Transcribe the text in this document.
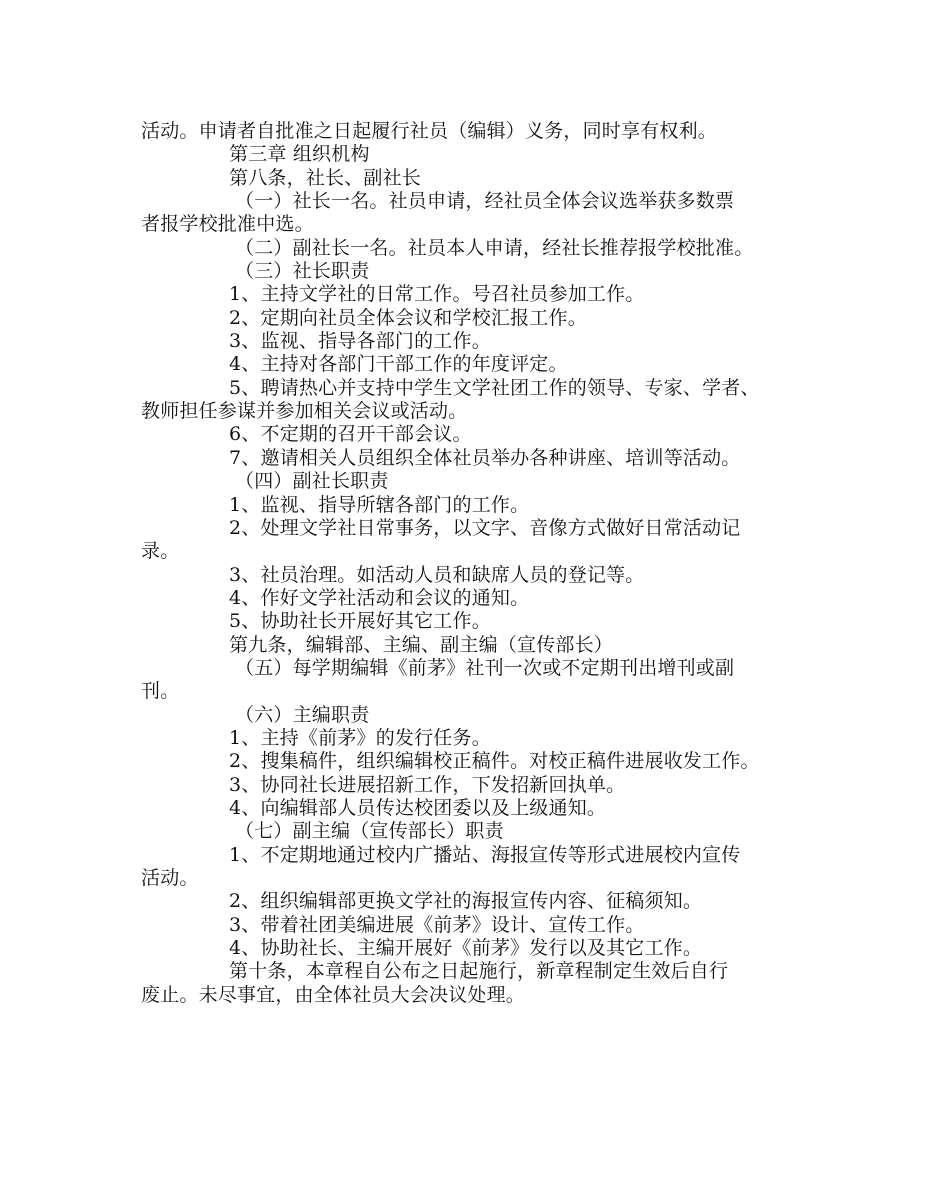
活动。申请者自批准之日起履行社员（编辑）义务，同时享有权利。
第三章 组织机构
第八条，社长、副社长
（一）社长一名。社员申请，经社员全体会议选举获多数票
者报学校批准中选。
（二）副社长一名。社员本人申请，经社长推荐报学校批准。
（三）社长职责
1、主持文学社的日常工作。号召社员参加工作。
2、定期向社员全体会议和学校汇报工作。
3、监视、指导各部门的工作。
4、主持对各部门干部工作的年度评定。
5、聘请热心并支持中学生文学社团工作的领导、专家、学者、
教师担任参谋并参加相关会议或活动。
6、不定期的召开干部会议。
7、邀请相关人员组织全体社员举办各种讲座、培训等活动。
（四）副社长职责
1、监视、指导所辖各部门的工作。
2、处理文学社日常事务，以文字、音像方式做好日常活动记
录。
3、社员治理。如活动人员和缺席人员的登记等。
4、作好文学社活动和会议的通知。
5、协助社长开展好其它工作。
第九条，编辑部、主编、副主编（宣传部长）
（五）每学期编辑《前茅》社刊一次或不定期刊出增刊或副
刊。
（六）主编职责
1、主持《前茅》的发行任务。
2、搜集稿件，组织编辑校正稿件。对校正稿件进展收发工作。
3、协同社长进展招新工作，下发招新回执单。
4、向编辑部人员传达校团委以及上级通知。
（七）副主编（宣传部长）职责
1、不定期地通过校内广播站、海报宣传等形式进展校内宣传
活动。
2、组织编辑部更换文学社的海报宣传内容、征稿须知。
3、带着社团美编进展《前茅》设计、宣传工作。
4、协助社长、主编开展好《前茅》发行以及其它工作。
第十条，本章程自公布之日起施行，新章程制定生效后自行
废止。未尽事宜，由全体社员大会决议处理。
